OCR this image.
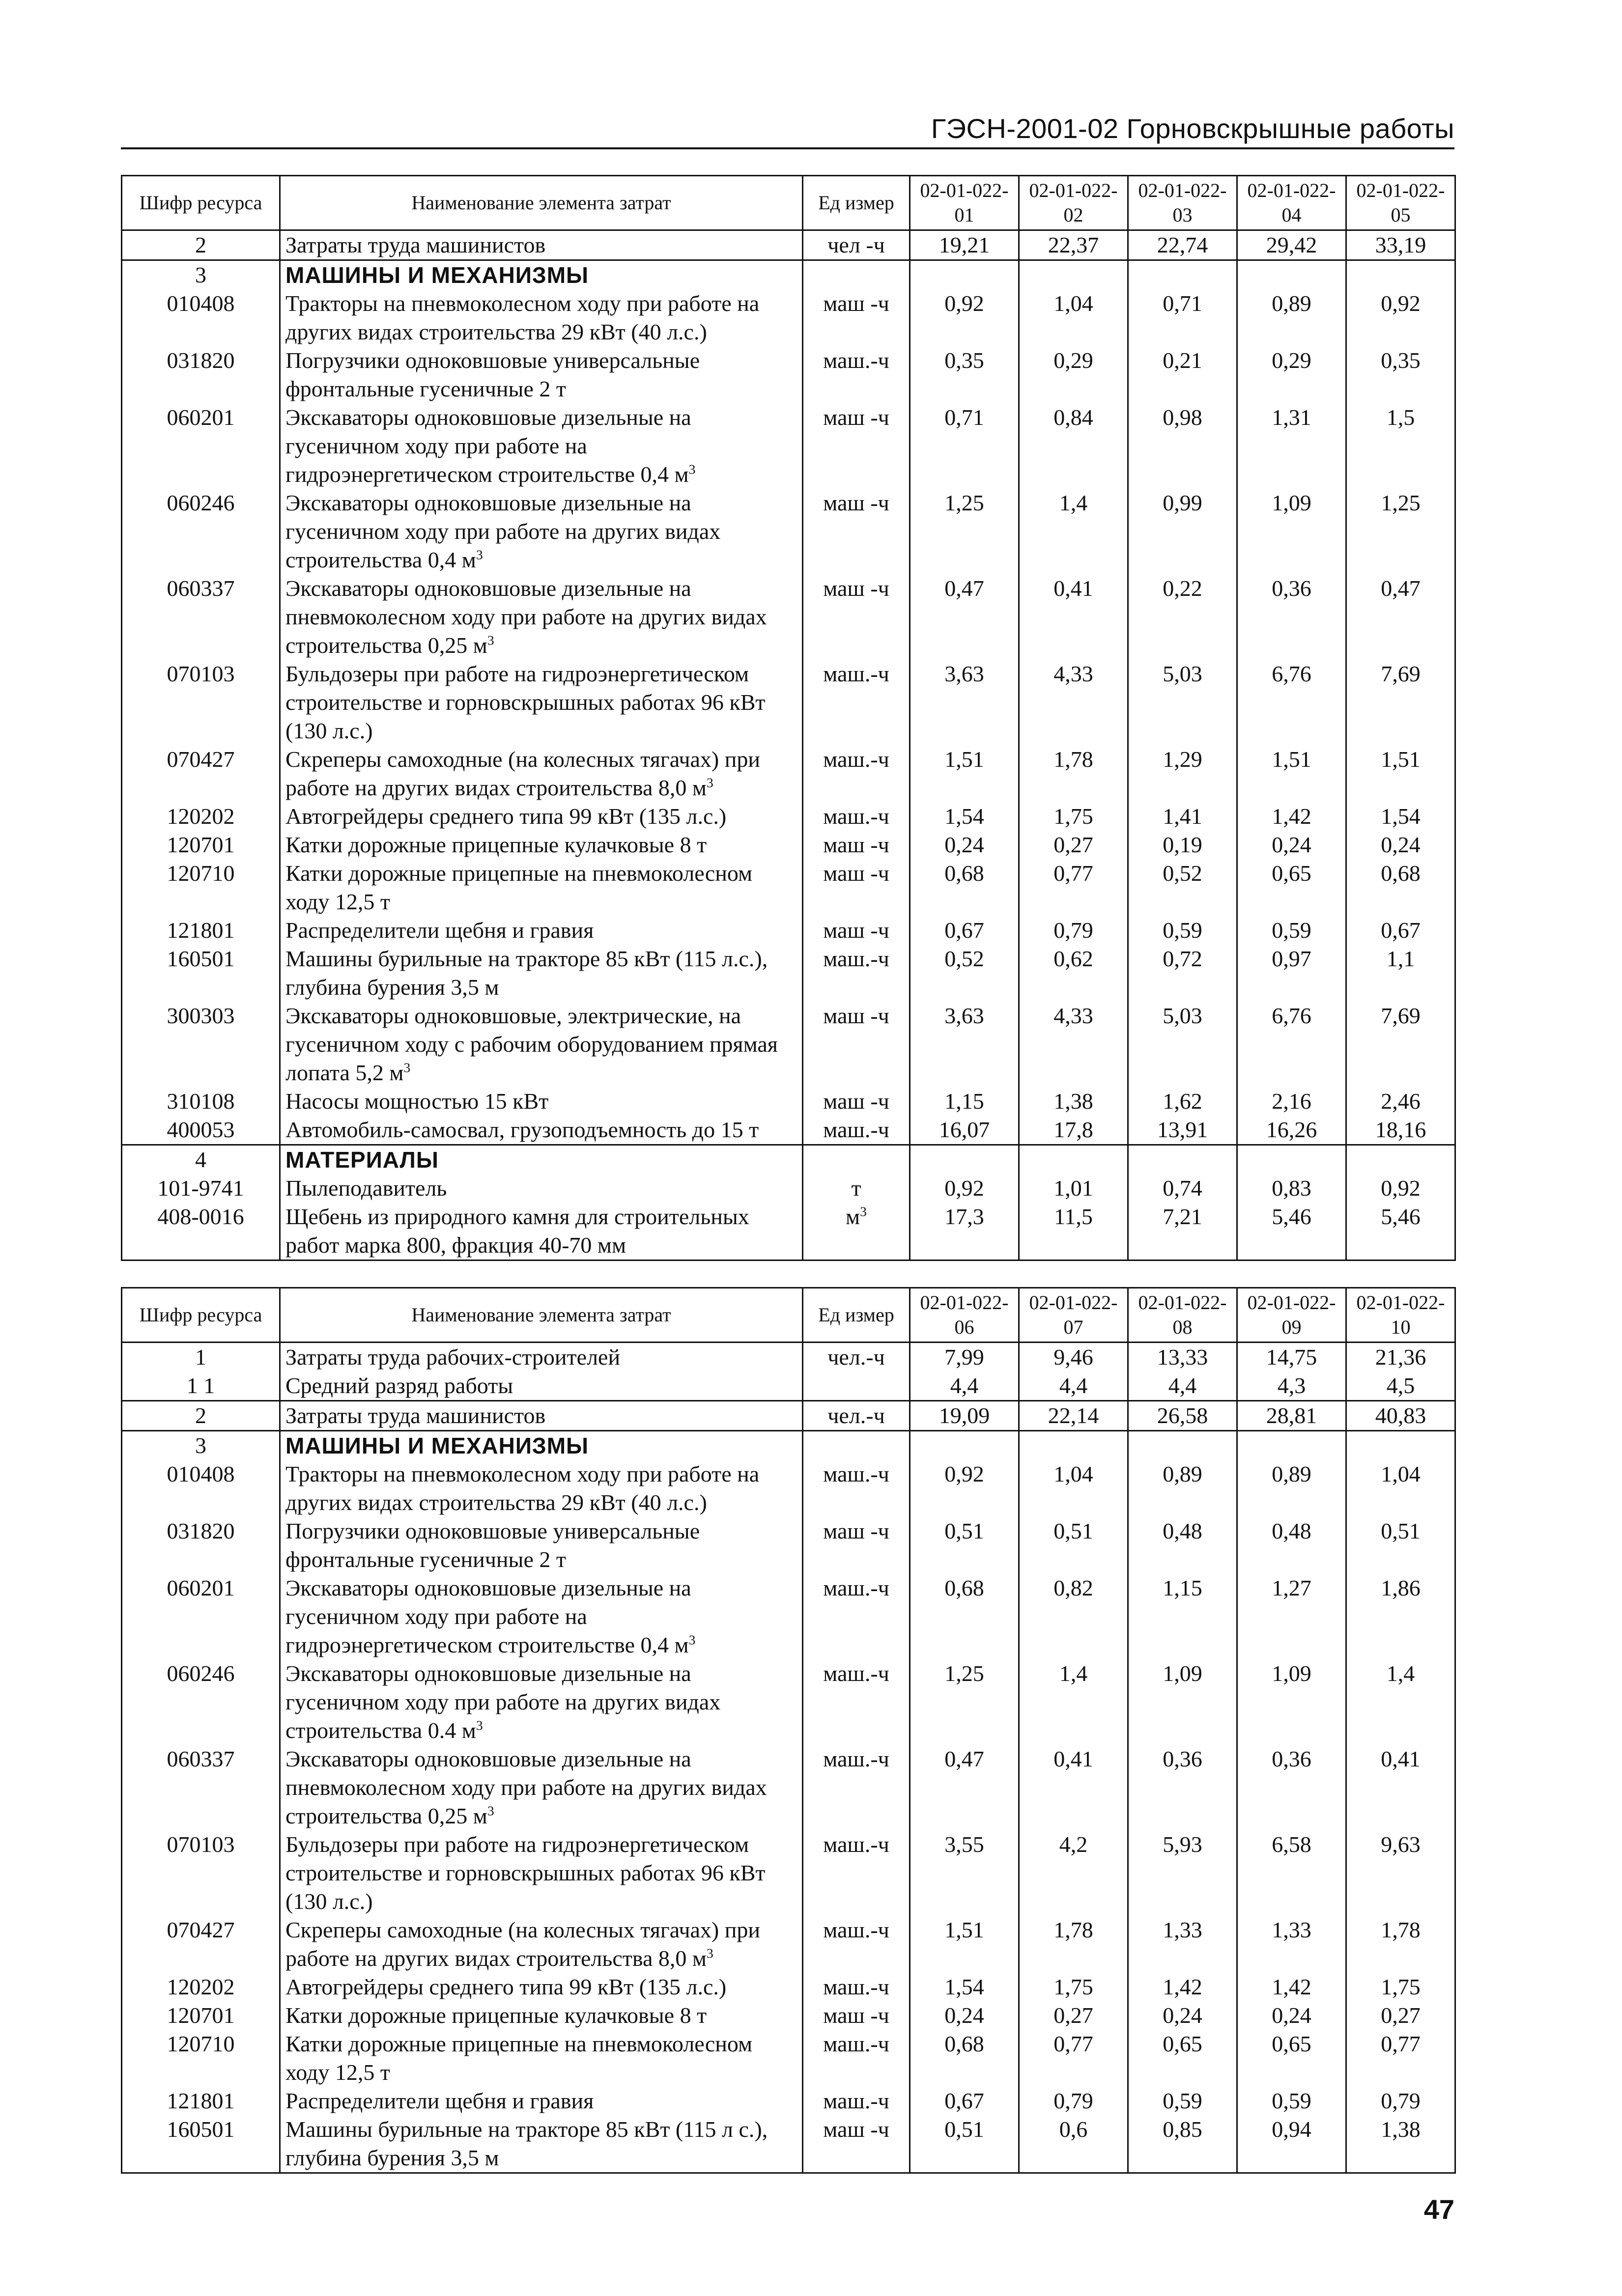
ГЭСН-2001-02 Горновскрышные работы
Шифр ресурса	Наименование элемента затрат	Ед измер	02-01-022-01	02-01-022-02	02-01-022-03	02-01-022-04	02-01-022-05
2	Затраты труда машинистов	чел -ч	19,21	22,37	22,74	29,42	33,19
3	МАШИНЫ И МЕХАНИЗМЫ						
010408	Тракторы на пневмоколесном ходу при работе на других видах строительства 29 кВт (40 л.с.)	маш -ч	0,92	1,04	0,71	0,89	0,92
031820	Погрузчики одноковшовые универсальные фронтальные гусеничные 2 т	маш.-ч	0,35	0,29	0,21	0,29	0,35
060201	Экскаваторы одноковшовые дизельные на гусеничном ходу при работе на гидроэнергетическом строительстве 0,4 $м^3$	маш -ч	0,71	0,84	0,98	1,31	1,5
060246	Экскаваторы одноковшовые дизельные на гусеничном ходу при работе на других видах строительства 0,4 $м^3$	маш -ч	1,25	1,4	0,99	1,09	1,25
060337	Экскаваторы одноковшовые дизельные на пневмоколесном ходу при работе на других видах строительства 0,25 $м^3$	маш -ч	0,47	0,41	0,22	0,36	0,47
070103	Бульдозеры при работе на гидроэнергетическом строительстве и горновскрышных работах 96 кВт (130 л.с.)	маш.-ч	3,63	4,33	5,03	6,76	7,69
070427	Скреперы самоходные (на колесных тягачах) при работе на других видах строительства 8,0 $м^3$	маш.-ч	1,51	1,78	1,29	1,51	1,51
120202	Автогрейдеры среднего типа 99 кВт (135 л.с.)	маш.-ч	1,54	1,75	1,41	1,42	1,54
120701	Катки дорожные прицепные кулачковые 8 т	маш -ч	0,24	0,27	0,19	0,24	0,24
120710	Катки дорожные прицепные на пневмоколесном ходу 12,5 т	маш -ч	0,68	0,77	0,52	0,65	0,68
121801	Распределители щебня и гравия	маш -ч	0,67	0,79	0,59	0,59	0,67
160501	Машины бурильные на тракторе 85 кВт (115 л.с.), глубина бурения 3,5 м	маш.-ч	0,52	0,62	0,72	0,97	1,1
300303	Экскаваторы одноковшовые, электрические, на гусеничном ходу с рабочим оборудованием прямая лопата 5,2 $м^3$	маш -ч	3,63	4,33	5,03	6,76	7,69
310108	Насосы мощностью 15 кВт	маш -ч	1,15	1,38	1,62	2,16	2,46
400053	Автомобиль-самосвал, грузоподъемность до 15 т	маш.-ч	16,07	17,8	13,91	16,26	18,16
4	МАТЕРИАЛЫ						
101-9741	Пылеподавитель	т	0,92	1,01	0,74	0,83	0,92
408-0016	Щебень из природного камня для строительных работ марка 800, фракция 40-70 мм	$м^3$	17,3	11,5	7,21	5,46	5,46
Шифр ресурса	Наименование элемента затрат	Ед измер	02-01-022-06	02-01-022-07	02-01-022-08	02-01-022-09	02-01-022-10
1	Затраты труда рабочих-строителей	чел.-ч	7,99	9,46	13,33	14,75	21,36
1 1	Средний разряд работы		4,4	4,4	4,4	4,3	4,5
2	Затраты труда машинистов	чел.-ч	19,09	22,14	26,58	28,81	40,83
3	МАШИНЫ И МЕХАНИЗМЫ						
010408	Тракторы на пневмоколесном ходу при работе на других видах строительства 29 кВт (40 л.с.)	маш.-ч	0,92	1,04	0,89	0,89	1,04
031820	Погрузчики одноковшовые универсальные фронтальные гусеничные 2 т	маш -ч	0,51	0,51	0,48	0,48	0,51
060201	Экскаваторы одноковшовые дизельные на гусеничном ходу при работе на гидроэнергетическом строительстве 0,4 $м^3$	маш.-ч	0,68	0,82	1,15	1,27	1,86
060246	Экскаваторы одноковшовые дизельные на гусеничном ходу при работе на других видах строительства 0.4 $м^3$	маш.-ч	1,25	1,4	1,09	1,09	1,4
060337	Экскаваторы одноковшовые дизельные на пневмоколесном ходу при работе на других видах строительства 0,25 $м^3$	маш.-ч	0,47	0,41	0,36	0,36	0,41
070103	Бульдозеры при работе на гидроэнергетическом строительстве и горновскрышных работах 96 кВт (130 л.с.)	маш.-ч	3,55	4,2	5,93	6,58	9,63
070427	Скреперы самоходные (на колесных тягачах) при работе на других видах строительства 8,0 $м^3$	маш.-ч	1,51	1,78	1,33	1,33	1,78
120202	Автогрейдеры среднего типа 99 кВт (135 л.с.)	маш.-ч	1,54	1,75	1,42	1,42	1,75
120701	Катки дорожные прицепные кулачковые 8 т	маш -ч	0,24	0,27	0,24	0,24	0,27
120710	Катки дорожные прицепные на пневмоколесном ходу 12,5 т	маш.-ч	0,68	0,77	0,65	0,65	0,77
121801	Распределители щебня и гравия	маш.-ч	0,67	0,79	0,59	0,59	0,79
160501	Машины бурильные на тракторе 85 кВт (115 л с.), глубина бурения 3,5 м	маш -ч	0,51	0,6	0,85	0,94	1,38
47
